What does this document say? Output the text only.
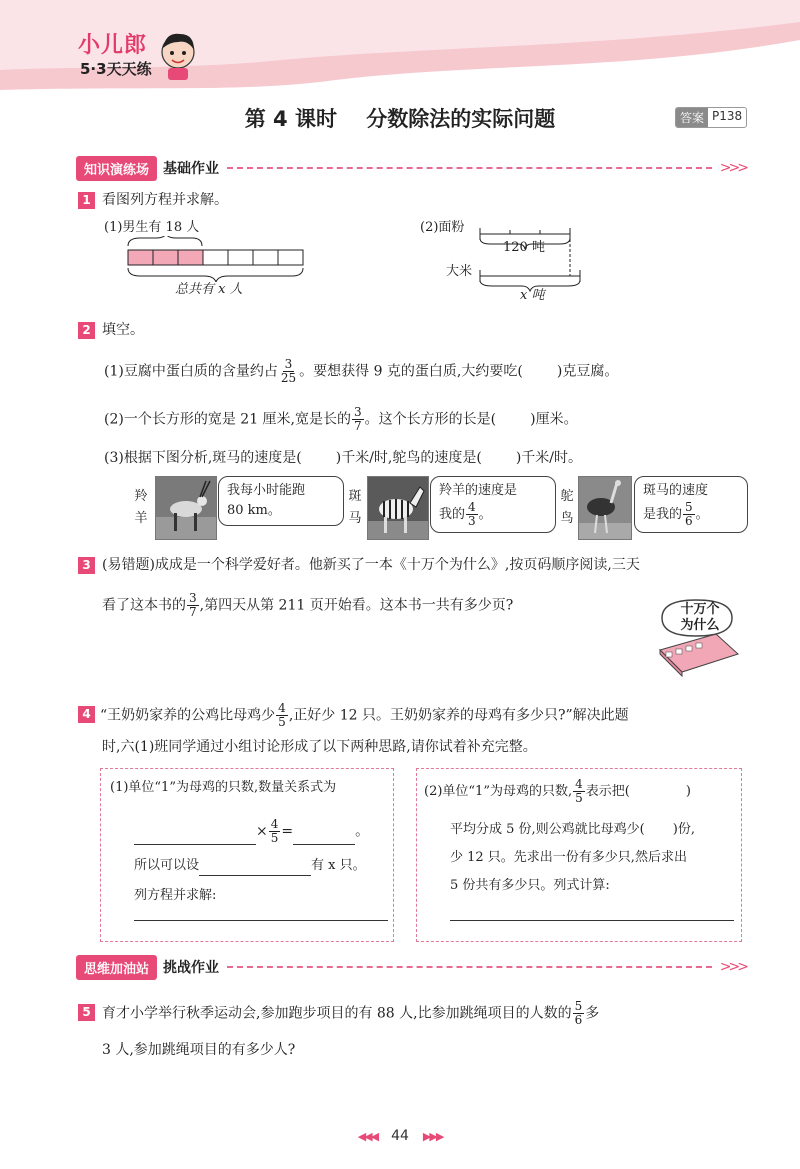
小儿郎
5·3天天练
第 4 课时    分数除法的实际问题	答案 P138
知识演练场	基础作业	>>>
1 看图列方程并求解。
(1)男生有 18 人
总共有 x 人
(2)面粉
120 吨
大米
x 吨
2 填空。
(1)豆腐中蛋白质的含量约占 $\frac{3}{25}$ 。要想获得 9 克的蛋白质,大约要吃( )克豆腐。
(2)一个长方形的宽是 21 厘米,宽是长的 $\frac{3}{7}$ 。这个长方形的长是( )厘米。
(3)根据下图分析,斑马的速度是( )千米/时,鸵鸟的速度是( )千米/时。
羚
羊
我每小时能跑
80 km。
斑
马
羚羊的速度是
我的 $\frac{4}{3}$ 。
鸵
鸟
斑马的速度
是我的 $\frac{5}{6}$ 。
3 (易错题)成成是一个科学爱好者。他新买了一本《十万个为什么》,按页码顺序阅读,三天
看了这本书的 $\frac{3}{7}$ ,第四天从第 211 页开始看。这本书一共有多少页?	十万个
为什么
4 “王奶奶家养的公鸡比母鸡少 $\frac{4}{5}$ ,正好少 12 只。王奶奶家养的母鸡有多少只?”解决此题
时,六(1)班同学通过小组讨论形成了以下两种思路,请你试着补充完整。
(1)单位“1”为母鸡的只数,数量关系式为
× $\frac{4}{5}$ =	。
所以可以设	有 x 只。
列方程并求解:
(2)单位“1”为母鸡的只数, $\frac{4}{5}$ 表示把(	)
平均分成 5 份,则公鸡就比母鸡少( )份,
少 12 只。先求出一份有多少只,然后求出
5 份共有多少只。列式计算:
思维加油站	挑战作业	>>>
5 育才小学举行秋季运动会,参加跑步项目的有 88 人,比参加跳绳项目的人数的 $\frac{5}{6}$ 多
3 人,参加跳绳项目的有多少人?
◀◀◀ 44 ▶▶▶
